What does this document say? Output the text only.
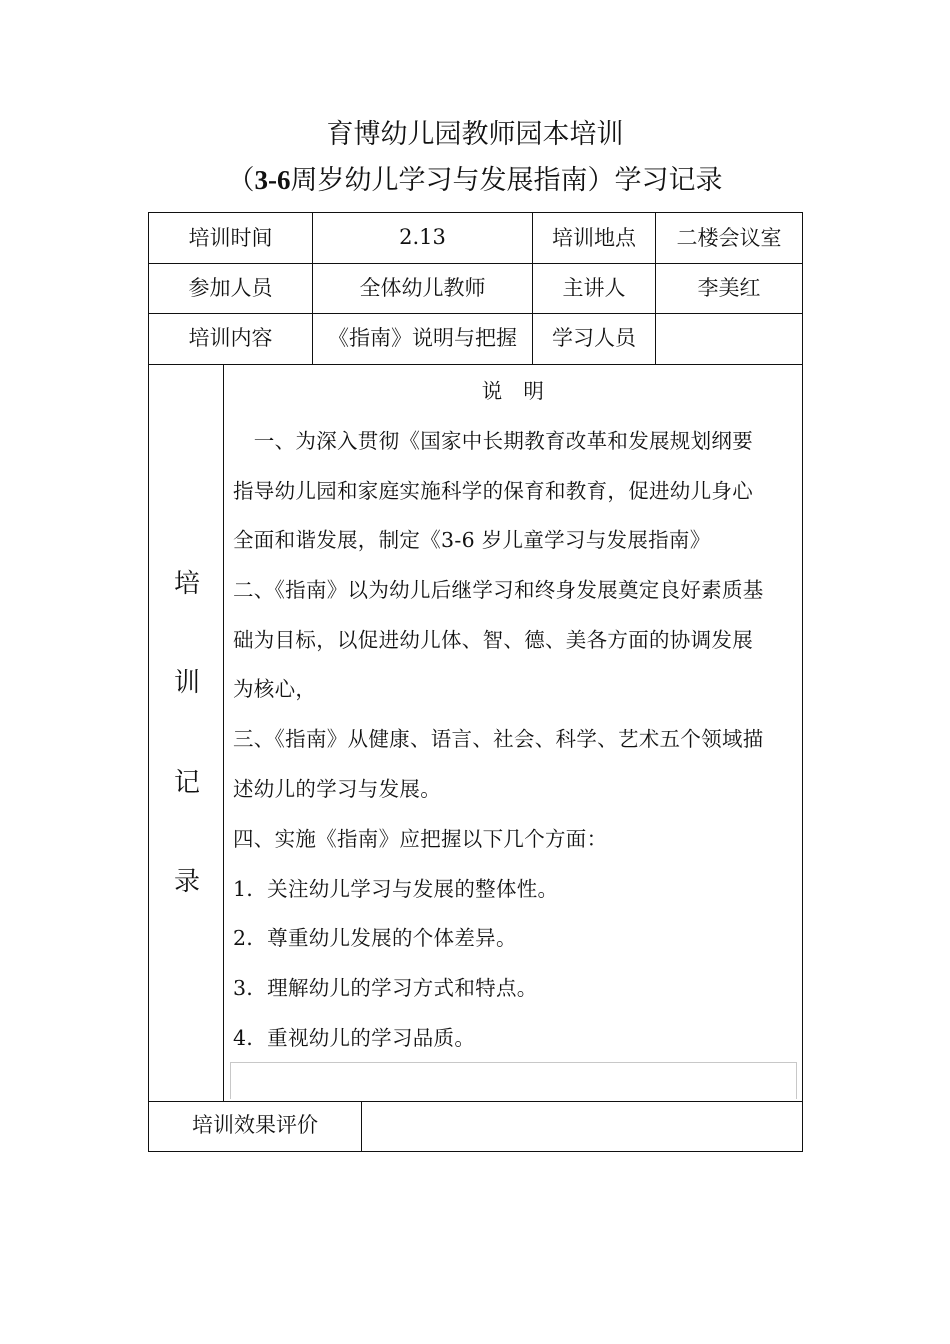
育博幼儿园教师园本培训
（3-6周岁幼儿学习与发展指南）学习记录
培训时间	2.13	培训地点	二楼会议室
参加人员	全体幼儿教师	主讲人	李美红
培训内容	《指南》说明与把握	学习人员
培
训
记
录
说　明
　一、为深入贯彻《国家中长期教育改革和发展规划纲要
指导幼儿园和家庭实施科学的保育和教育，促进幼儿身心
全面和谐发展，制定《3-6 岁儿童学习与发展指南》
二、《指南》以为幼儿后继学习和终身发展奠定良好素质基
础为目标，以促进幼儿体、智、德、美各方面的协调发展
为核心，
三、《指南》从健康、语言、社会、科学、艺术五个领域描
述幼儿的学习与发展。
四、实施《指南》应把握以下几个方面：
1．关注幼儿学习与发展的整体性。
2．尊重幼儿发展的个体差异。
3．理解幼儿的学习方式和特点。
4．重视幼儿的学习品质。
培训效果评价
